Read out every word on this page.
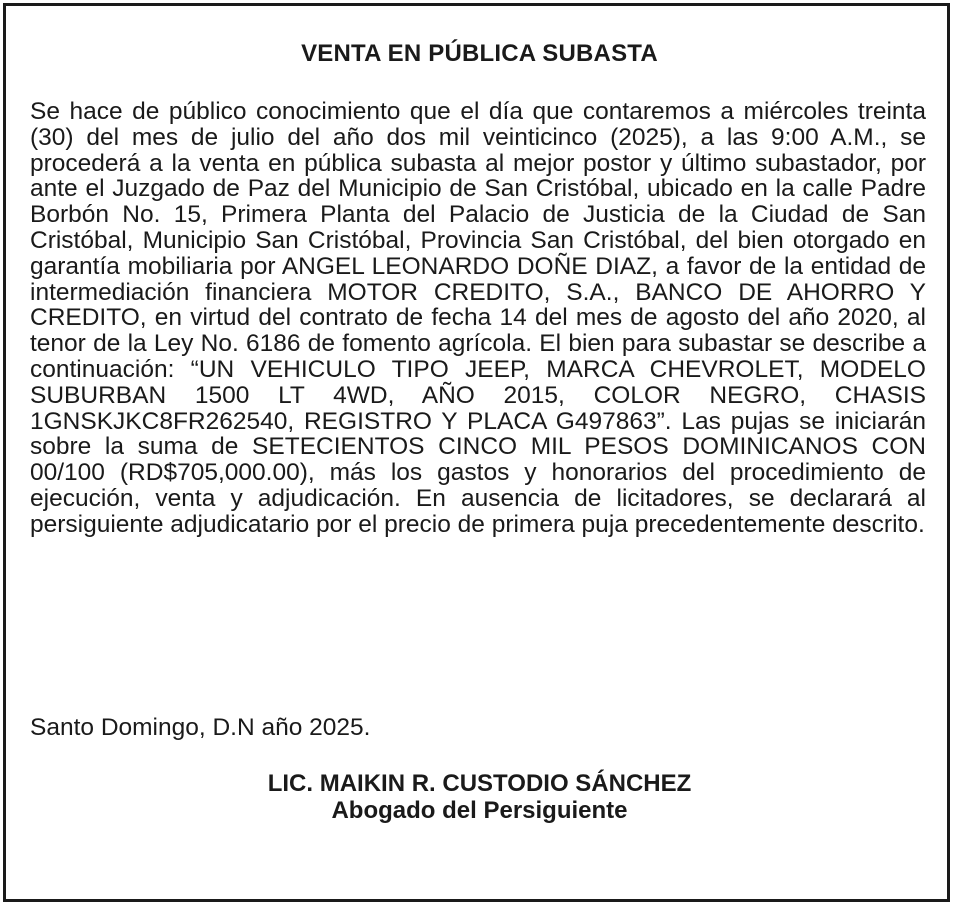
VENTA EN PÚBLICA SUBASTA

Se hace de público conocimiento que el día que contaremos a miércoles treinta (30) del mes de julio del año dos mil veinticinco (2025), a las 9:00 A.M., se procederá a la venta en pública subasta al mejor postor y último subastador, por ante el Juzgado de Paz del Municipio de San Cristóbal, ubicado en la calle Padre Borbón No. 15, Primera Planta del Palacio de Justicia de la Ciudad de San Cristóbal, Municipio San Cristóbal, Provincia San Cristóbal, del bien otorgado en garantía mobiliaria por ANGEL LEONARDO DOÑE DIAZ, a favor de la entidad de intermediación financiera MOTOR CREDITO, S.A., BANCO DE AHORRO Y CREDITO, en virtud del contrato de fecha 14 del mes de agosto del año 2020, al tenor de la Ley No. 6186 de fomento agrícola. El bien para subastar se describe a continuación: “UN VEHICULO TIPO JEEP, MARCA CHEVROLET, MODELO SUBURBAN 1500 LT 4WD, AÑO 2015, COLOR NEGRO, CHASIS 1GNSKJKC8FR262540, REGISTRO Y PLACA G497863”. Las pujas se iniciarán sobre la suma de SETECIENTOS CINCO MIL PESOS DOMINICANOS CON 00/100 (RD$705,000.00), más los gastos y honorarios del procedimiento de ejecución, venta y adjudicación. En ausencia de licitadores, se declarará al persiguiente adjudicatario por el precio de primera puja precedentemente descrito.

Santo Domingo, D.N año 2025.

LIC. MAIKIN R. CUSTODIO SÁNCHEZ
Abogado del Persiguiente
